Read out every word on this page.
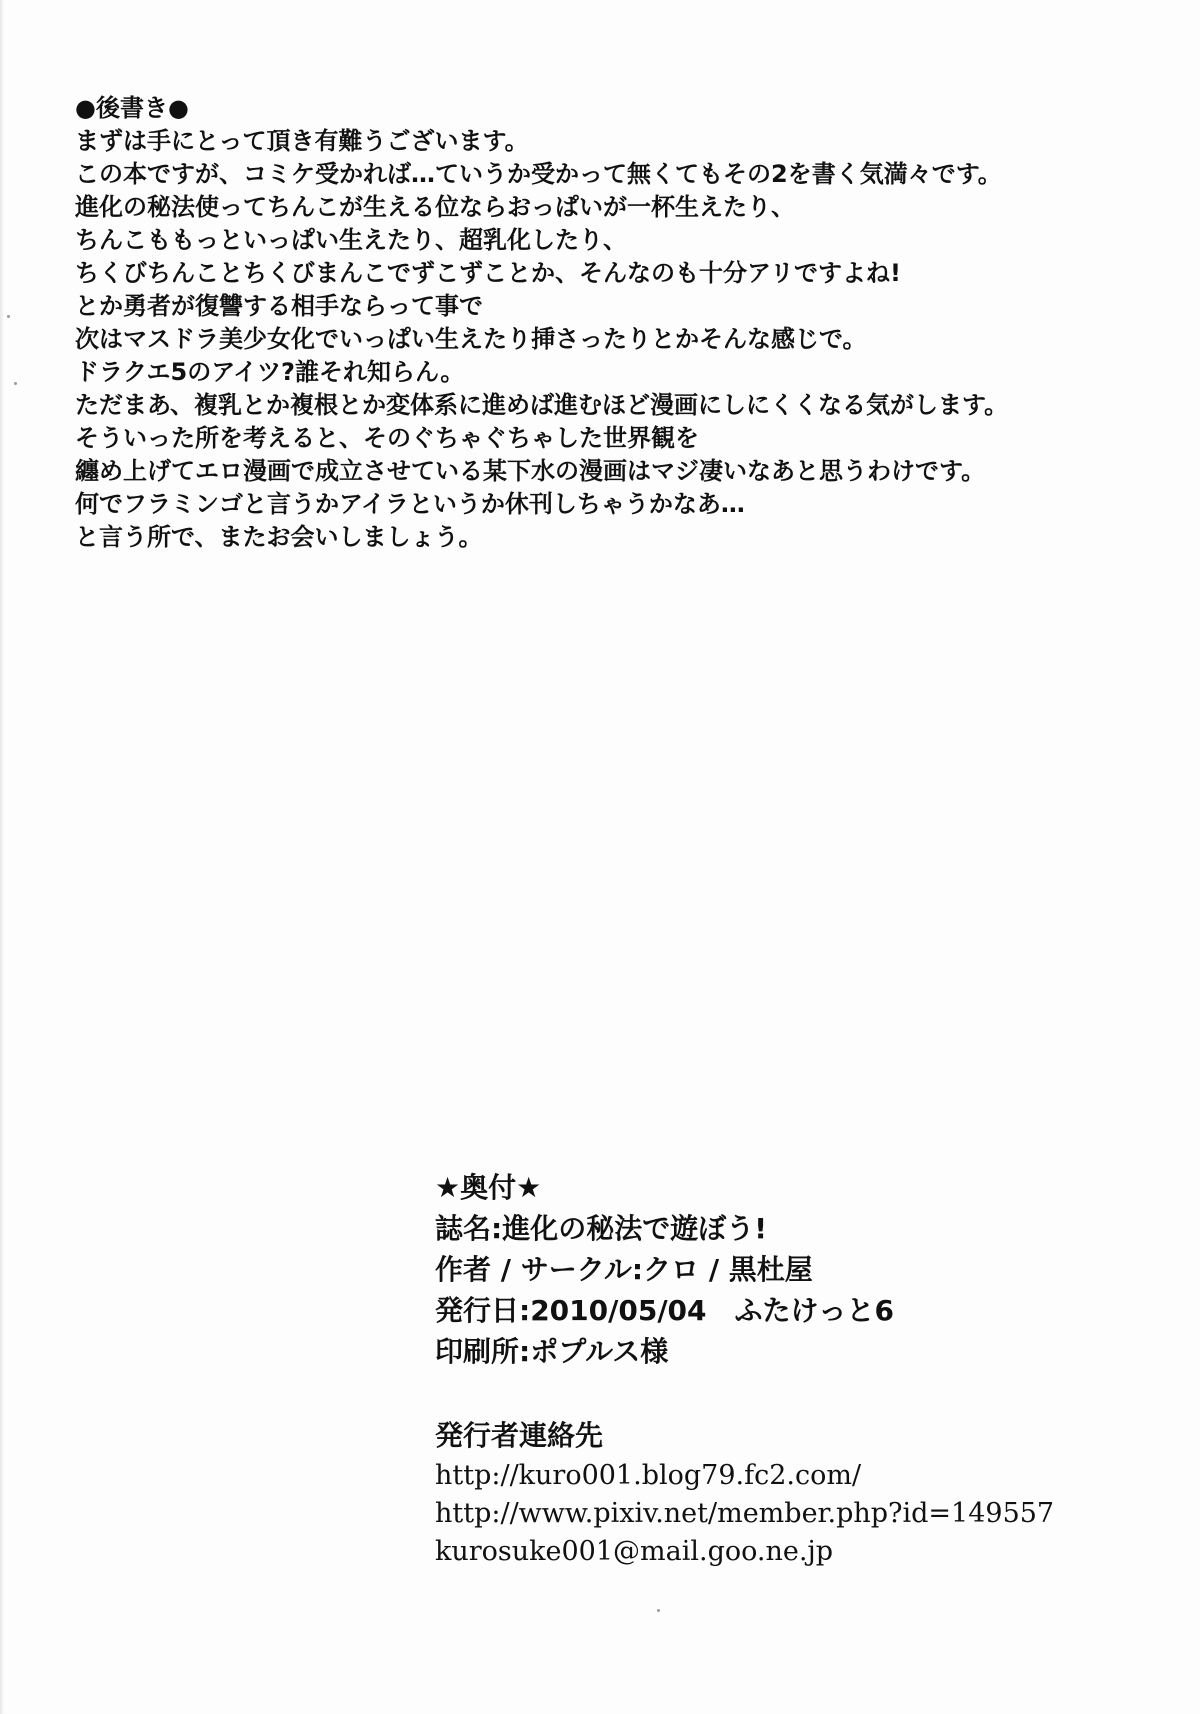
●後書き●
まずは手にとって頂き有難うございます。
この本ですが、コミケ受かれば…ていうか受かって無くてもその2を書く気満々です。
進化の秘法使ってちんこが生える位ならおっぱいが一杯生えたり、
ちんこももっといっぱい生えたり、超乳化したり、
ちくびちんことちくびまんこでずこずことか、そんなのも十分アリですよね!
とか勇者が復讐する相手ならって事で
次はマスドラ美少女化でいっぱい生えたり挿さったりとかそんな感じで。
ドラクエ5のアイツ?誰それ知らん。
ただまあ、複乳とか複根とか変体系に進めば進むほど漫画にしにくくなる気がします。
そういった所を考えると、そのぐちゃぐちゃした世界観を
纏め上げてエロ漫画で成立させている某下水の漫画はマジ凄いなあと思うわけです。
何でフラミンゴと言うかアイラというか休刊しちゃうかなあ…
と言う所で、またお会いしましょう。
★奥付★
誌名:進化の秘法で遊ぼう!
作者 / サークル:クロ / 黒杜屋
発行日:2010/05/04　ふたけっと6
印刷所:ポプルス様
発行者連絡先
http://kuro001.blog79.fc2.com/
http://www.pixiv.net/member.php?id=149557
kurosuke001@mail.goo.ne.jp
